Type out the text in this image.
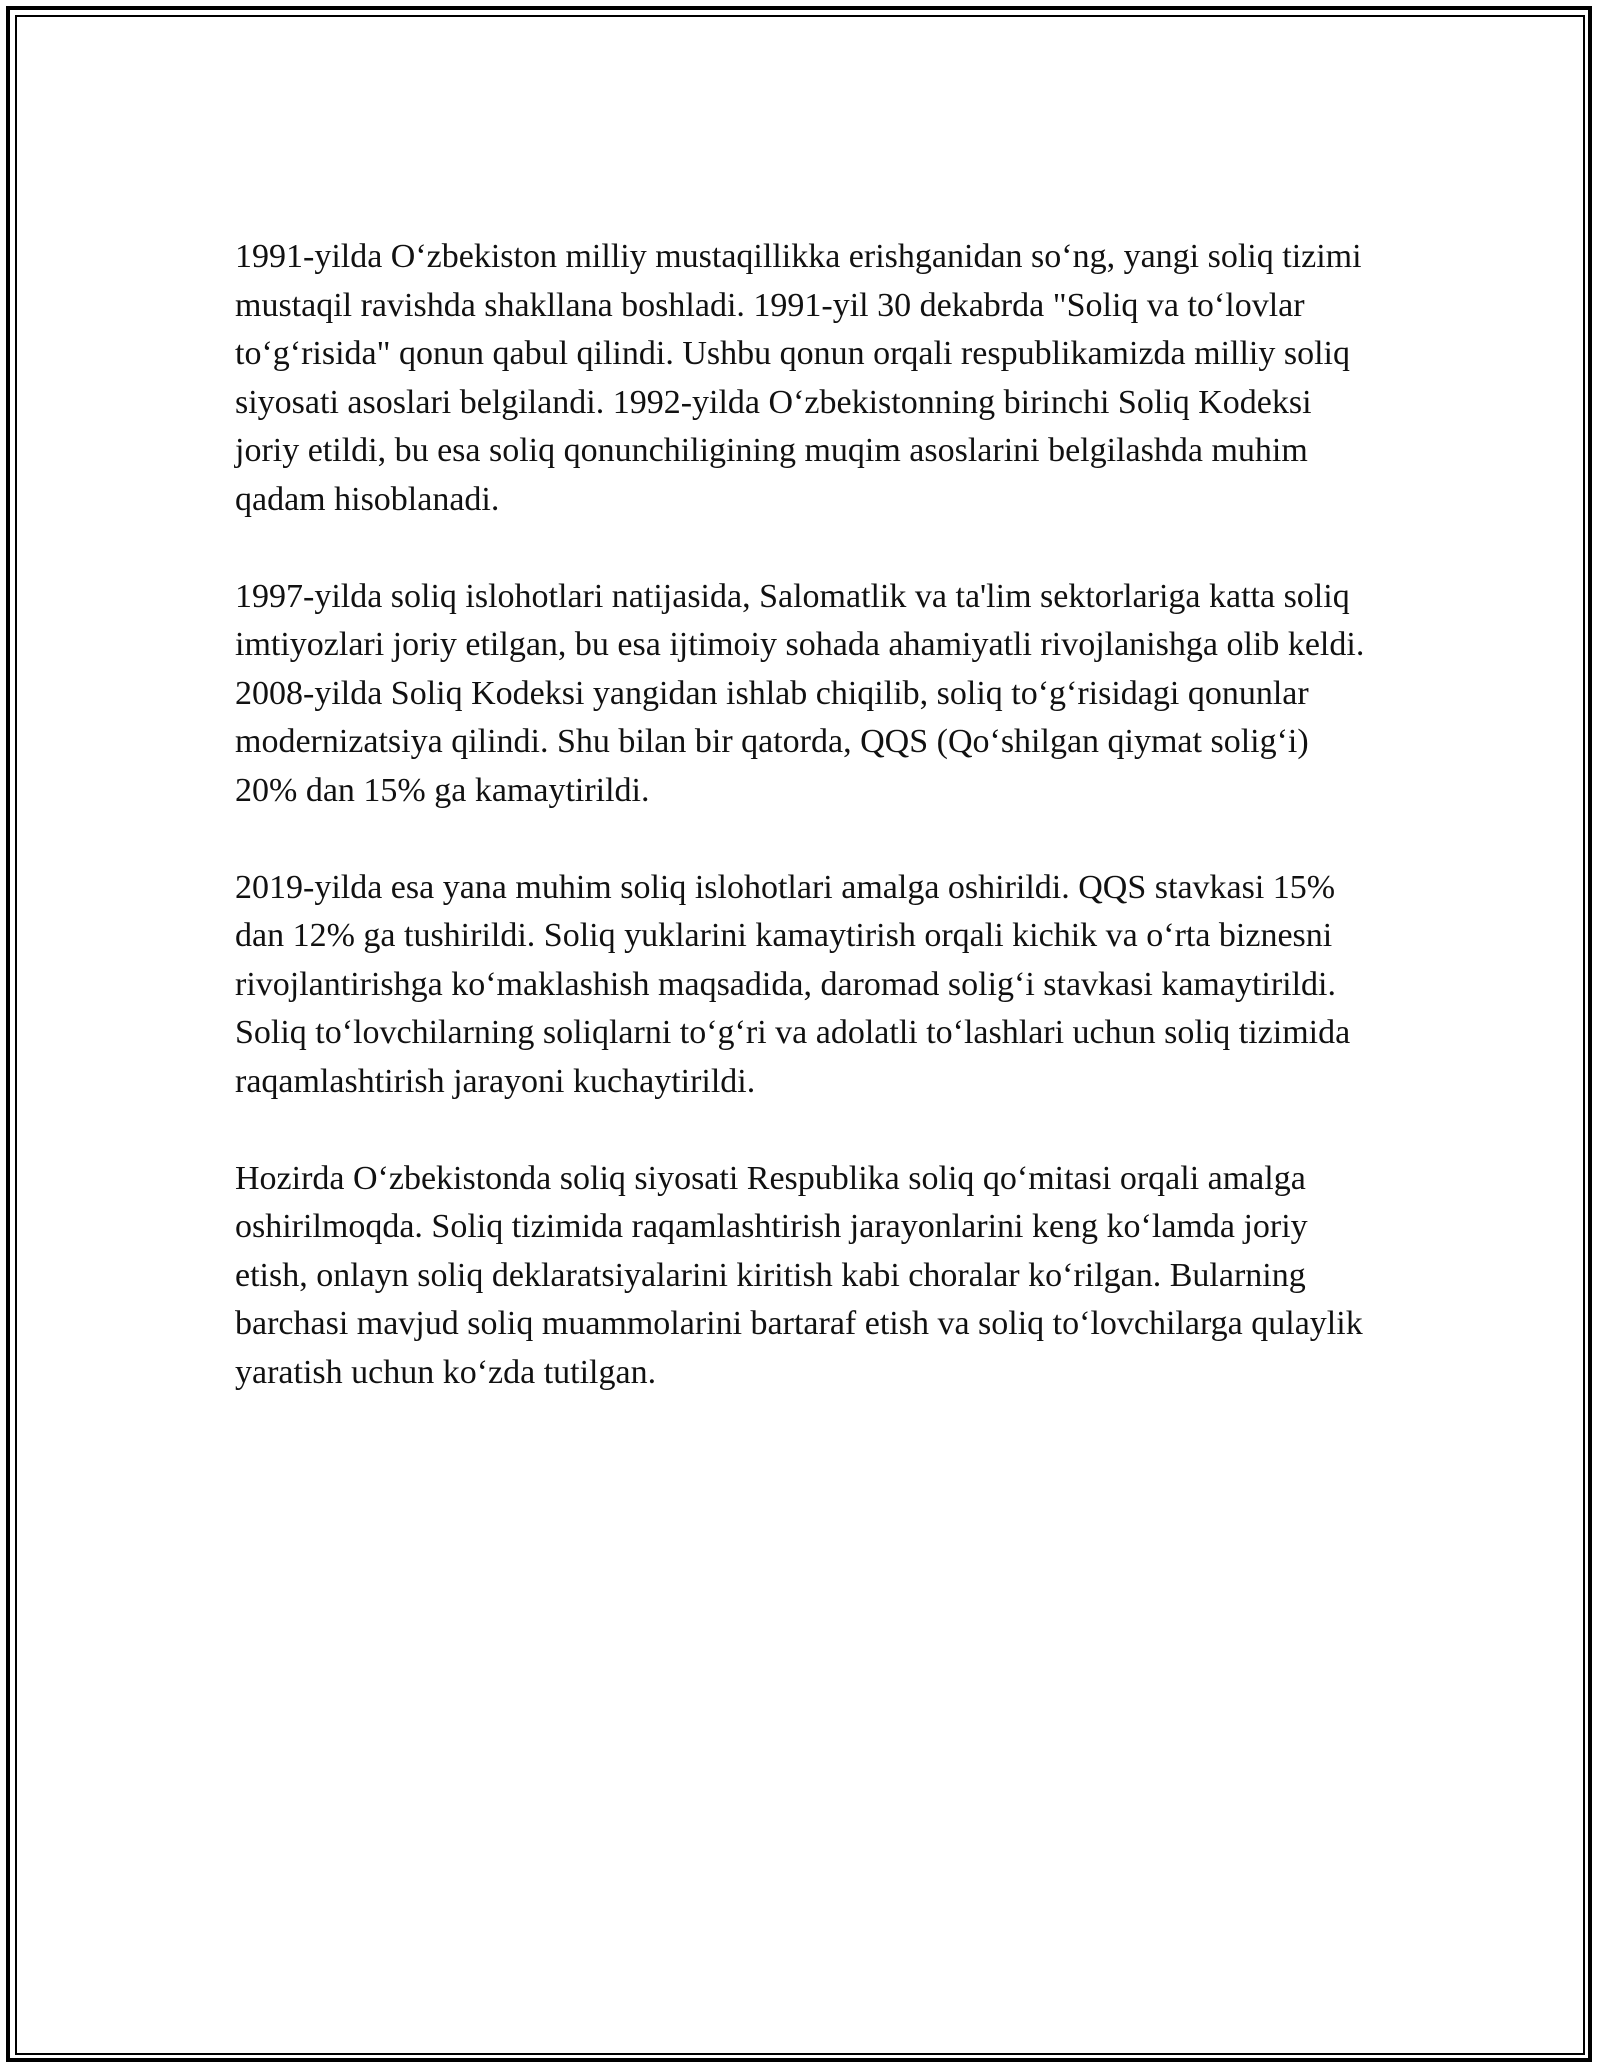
1991-yilda O‘zbekiston milliy mustaqillikka erishganidan so‘ng, yangi soliq tizimi mustaqil ravishda shakllana boshladi. 1991-yil 30 dekabrda "Soliq va to‘lovlar to‘g‘risida" qonun qabul qilindi. Ushbu qonun orqali respublikamizda milliy soliq siyosati asoslari belgilandi. 1992-yilda O‘zbekistonning birinchi Soliq Kodeksi joriy etildi, bu esa soliq qonunchiligining muqim asoslarini belgilashda muhim qadam hisoblanadi.

1997-yilda soliq islohotlari natijasida, Salomatlik va ta'lim sektorlariga katta soliq imtiyozlari joriy etilgan, bu esa ijtimoiy sohada ahamiyatli rivojlanishga olib keldi. 2008-yilda Soliq Kodeksi yangidan ishlab chiqilib, soliq to‘g‘risidagi qonunlar modernizatsiya qilindi. Shu bilan bir qatorda, QQS (Qo‘shilgan qiymat solig‘i) 20% dan 15% ga kamaytirildi.

2019-yilda esa yana muhim soliq islohotlari amalga oshirildi. QQS stavkasi 15% dan 12% ga tushirildi. Soliq yuklarini kamaytirish orqali kichik va o‘rta biznesni rivojlantirishga ko‘maklashish maqsadida, daromad solig‘i stavkasi kamaytirildi. Soliq to‘lovchilarning soliqlarni to‘g‘ri va adolatli to‘lashlari uchun soliq tizimida raqamlashtirish jarayoni kuchaytirildi.

Hozirda O‘zbekistonda soliq siyosati Respublika soliq qo‘mitasi orqali amalga oshirilmoqda. Soliq tizimida raqamlashtirish jarayonlarini keng ko‘lamda joriy etish, onlayn soliq deklaratsiyalarini kiritish kabi choralar ko‘rilgan. Bularning barchasi mavjud soliq muammolarini bartaraf etish va soliq to‘lovchilarga qulaylik yaratish uchun ko‘zda tutilgan.
